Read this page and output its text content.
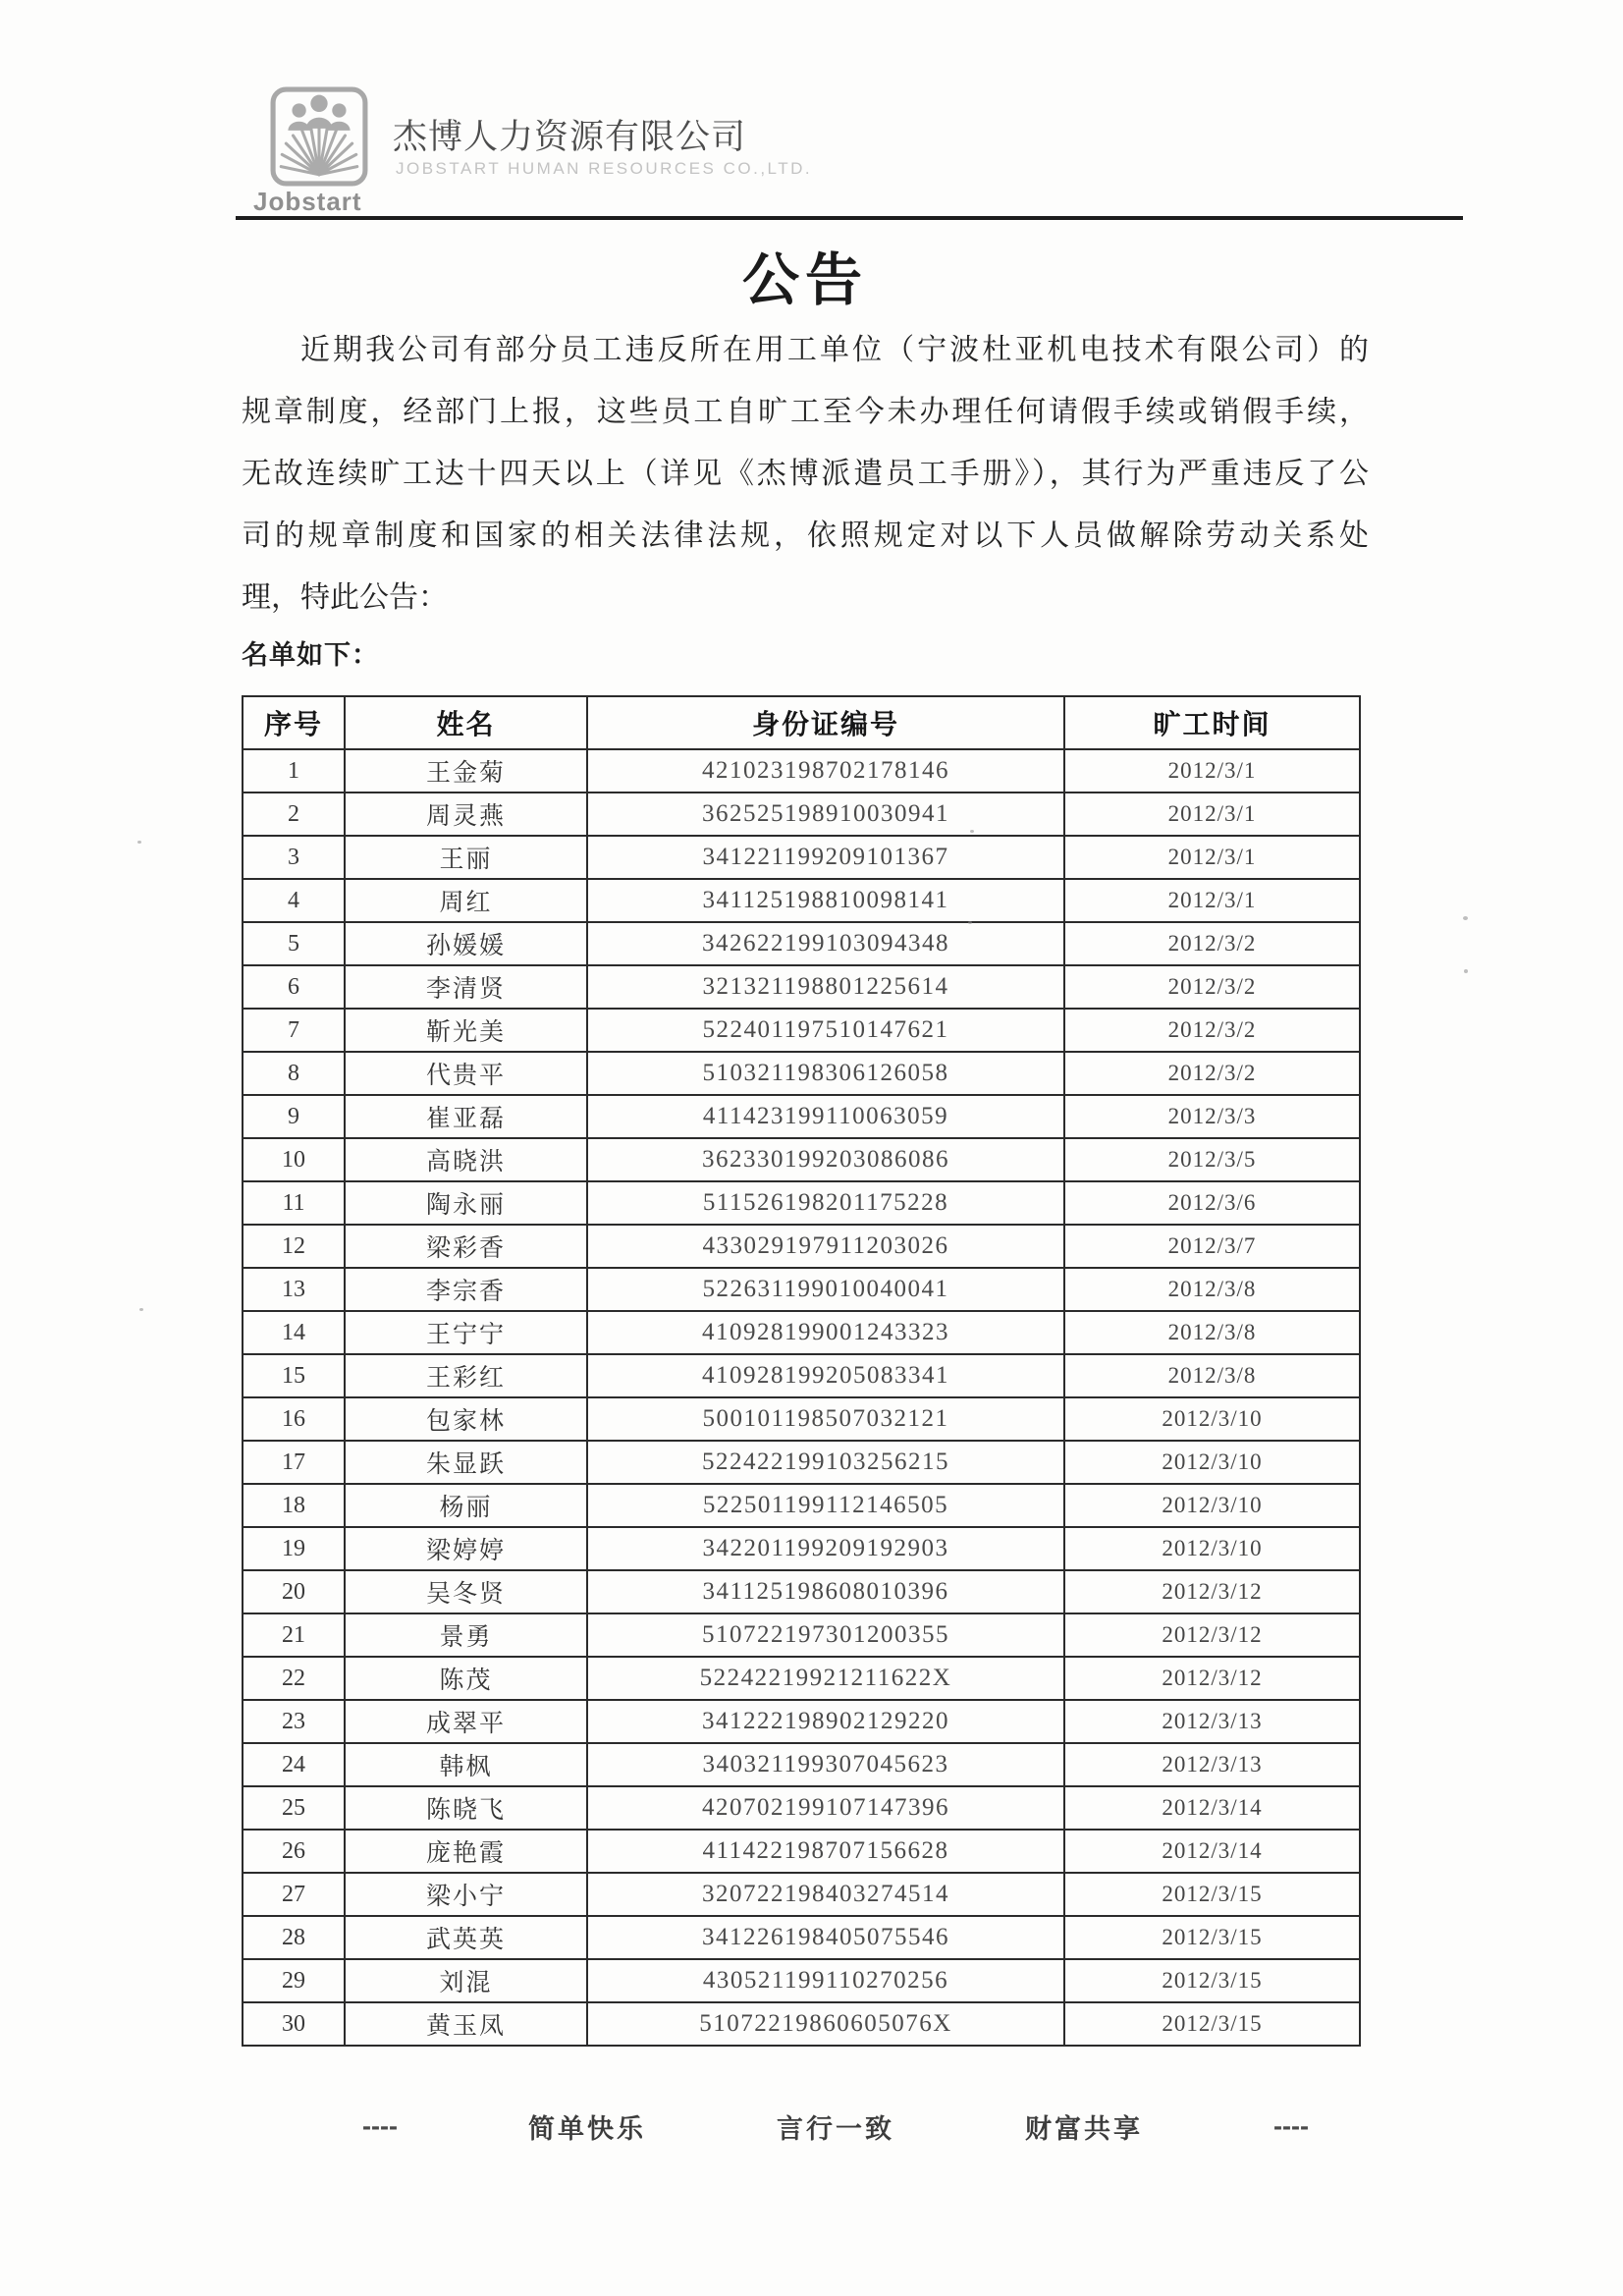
Jobstart
杰博人力资源有限公司
JOBSTART HUMAN RESOURCES CO.,LTD.
公告
近期我公司有部分员工违反所在用工单位（宁波杜亚机电技术有限公司）的
规章制度，经部门上报，这些员工自旷工至今未办理任何请假手续或销假手续，
无故连续旷工达十四天以上（详见《杰博派遣员工手册》），其行为严重违反了公
司的规章制度和国家的相关法律法规，依照规定对以下人员做解除劳动关系处
理，特此公告：
名单如下：
序号	姓名	身份证编号	旷工时间
1	王金菊	421023198702178146	2012/3/1
2	周灵燕	362525198910030941	2012/3/1
3	王丽	341221199209101367	2012/3/1
4	周红	341125198810098141	2012/3/1
5	孙媛媛	342622199103094348	2012/3/2
6	李清贤	321321198801225614	2012/3/2
7	靳光美	522401197510147621	2012/3/2
8	代贵平	510321198306126058	2012/3/2
9	崔亚磊	411423199110063059	2012/3/3
10	高晓洪	362330199203086086	2012/3/5
11	陶永丽	511526198201175228	2012/3/6
12	梁彩香	433029197911203026	2012/3/7
13	李宗香	522631199010040041	2012/3/8
14	王宁宁	410928199001243323	2012/3/8
15	王彩红	410928199205083341	2012/3/8
16	包家林	500101198507032121	2012/3/10
17	朱显跃	522422199103256215	2012/3/10
18	杨丽	522501199112146505	2012/3/10
19	梁婷婷	342201199209192903	2012/3/10
20	吴冬贤	341125198608010396	2012/3/12
21	景勇	510722197301200355	2012/3/12
22	陈茂	52242219921211622X	2012/3/12
23	成翠平	341222198902129220	2012/3/13
24	韩枫	340321199307045623	2012/3/13
25	陈晓飞	420702199107147396	2012/3/14
26	庞艳霞	411422198707156628	2012/3/14
27	梁小宁	320722198403274514	2012/3/15
28	武英英	341226198405075546	2012/3/15
29	刘混	430521199110270256	2012/3/15
30	黄玉凤	51072219860605076X	2012/3/15
----	简单快乐	言行一致	财富共享	----
